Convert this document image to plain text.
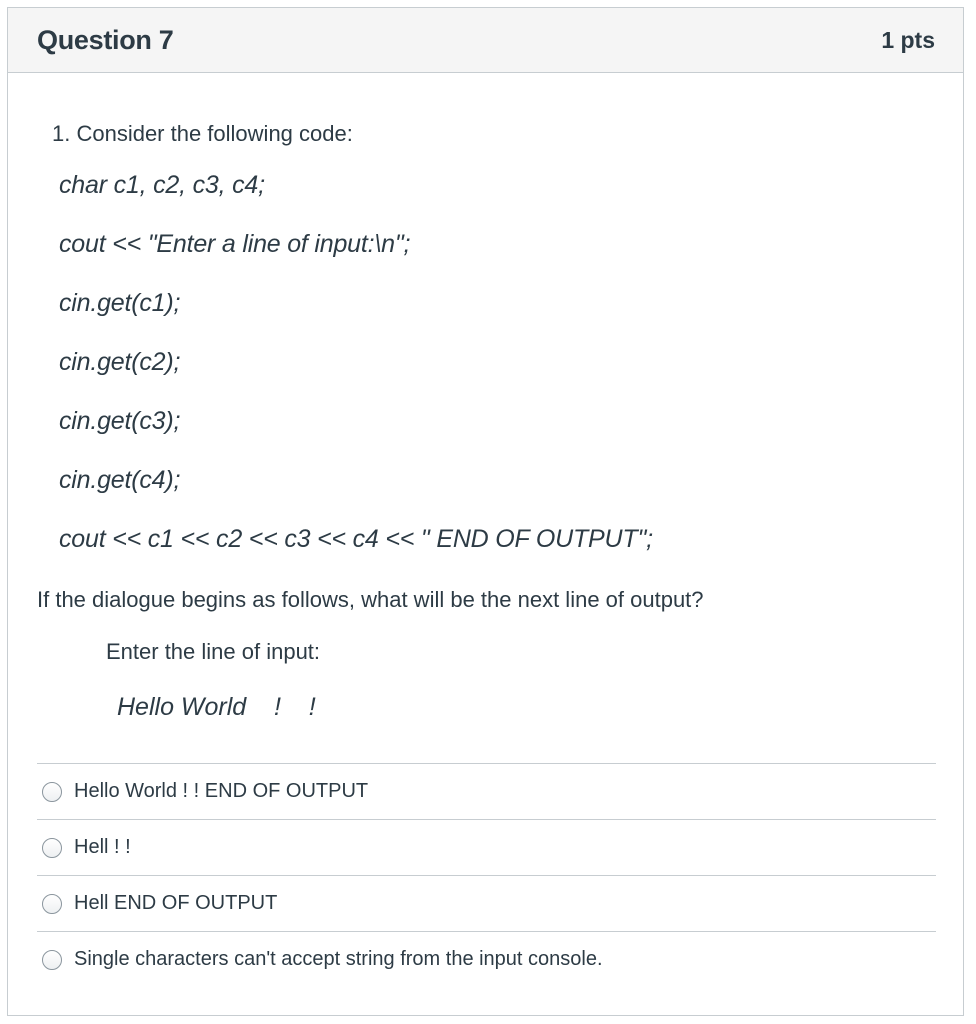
Question 7	1 pts
1. Consider the following code:
char c1, c2, c3, c4;
cout << "Enter a line of input:\n";
cin.get(c1);
cin.get(c2);
cin.get(c3);
cin.get(c4);
cout << c1 << c2 << c3 << c4 << " END OF OUTPUT";
If the dialogue begins as follows, what will be the next line of output?
Enter the line of input:
Hello World    !    !
Hello World ! ! END OF OUTPUT
Hell ! !
Hell END OF OUTPUT
Single characters can't accept string from the input console.
